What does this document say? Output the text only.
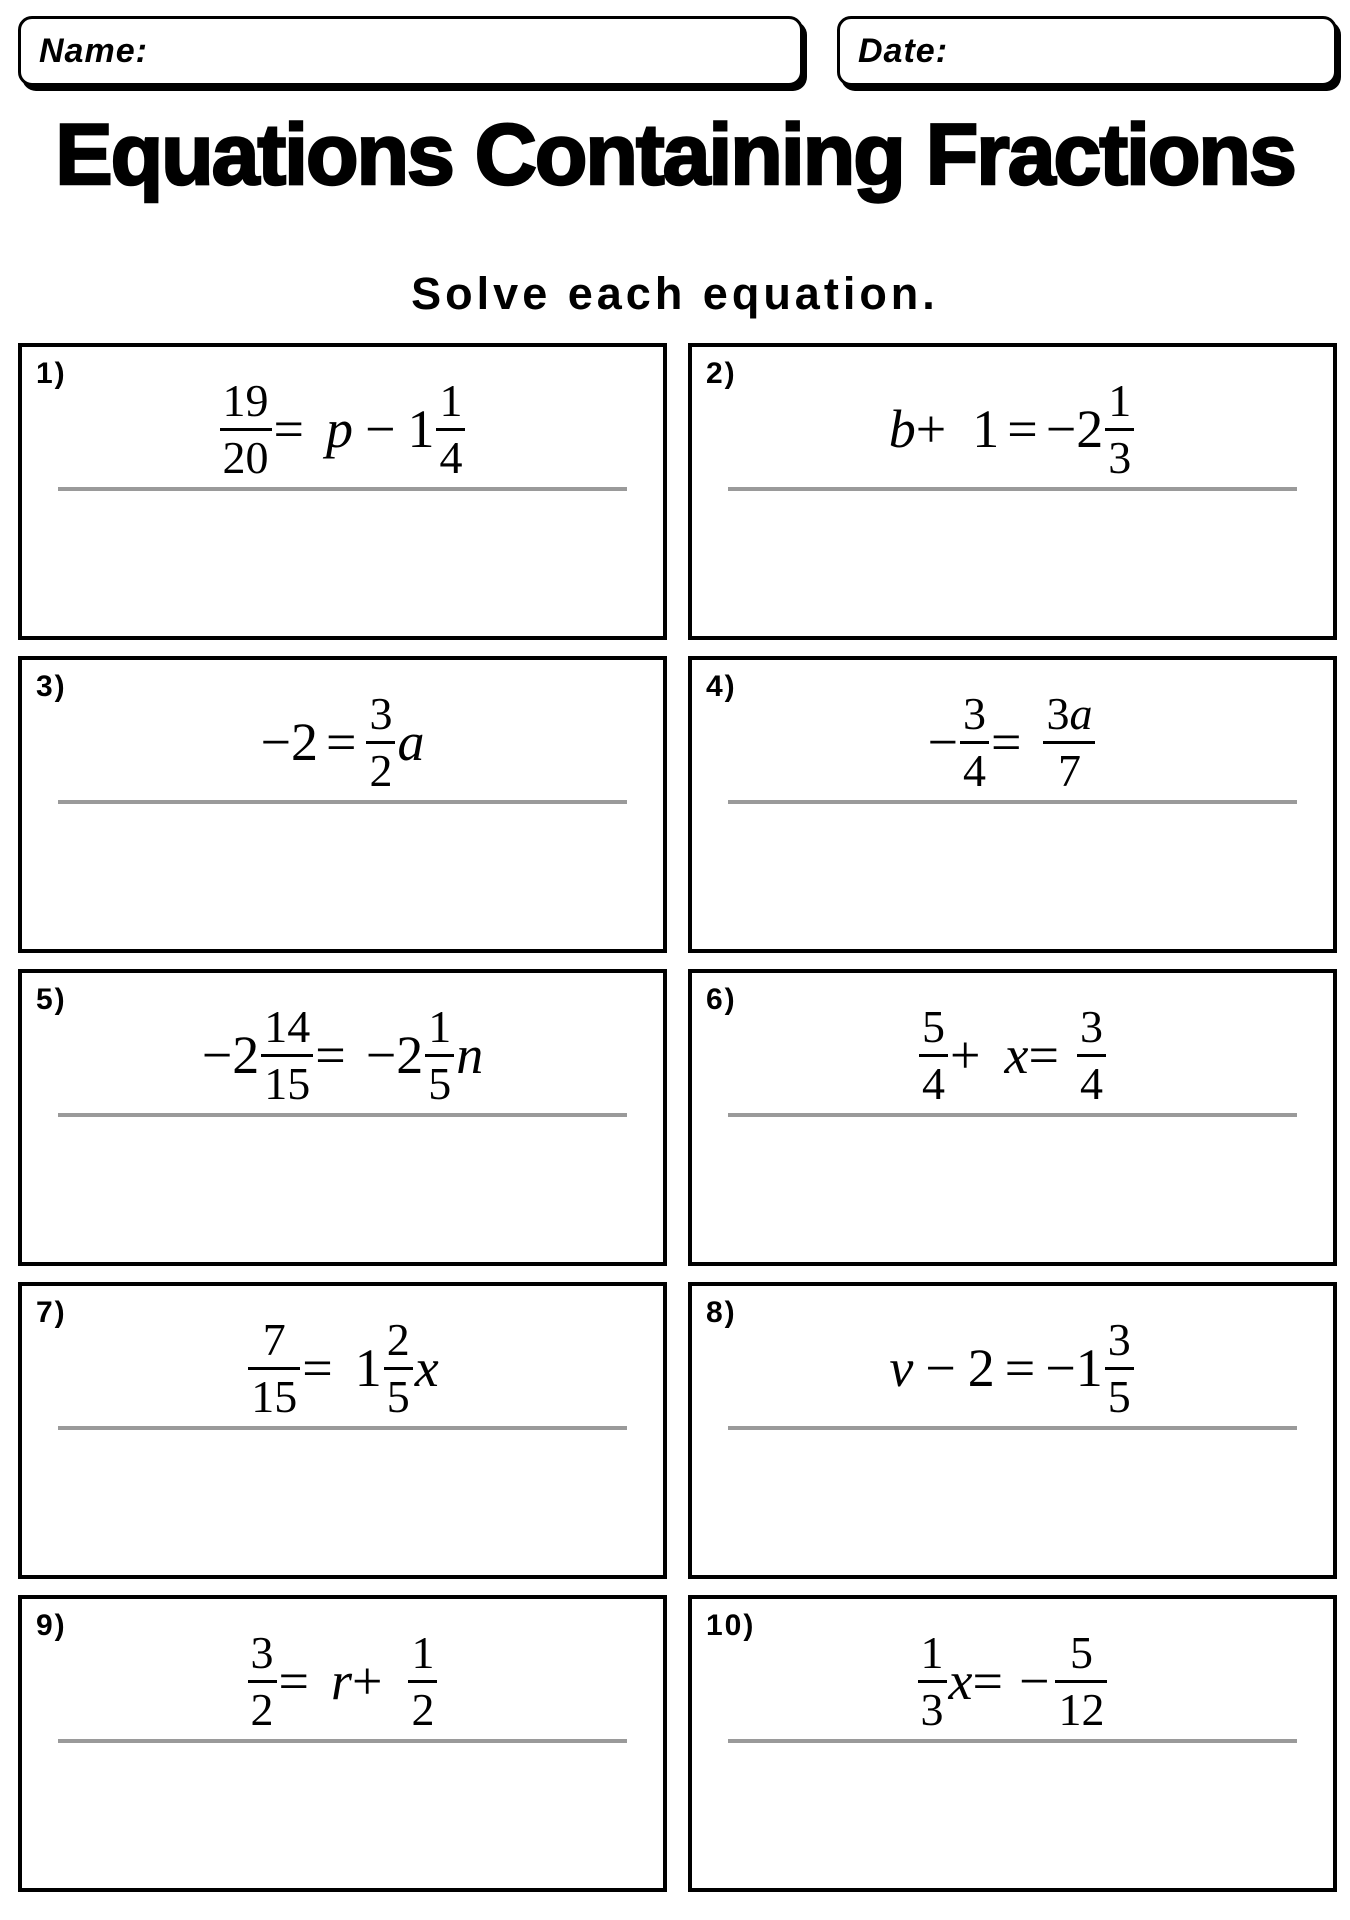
Name:	Date:
Equations Containing Fractions
Solve each equation.
1)
$\frac{19}{20} = p - 1 \frac{1}{4}$
2)
b + 1 = − $2 \frac{1}{3}$
3)
− $2 = \frac{3}{2}$ a
4)
− $\frac{3}{4} = \frac{3 a}{7}$
5)
− $2 \frac{14}{15}$ = − $2 \frac{1}{5}$ n
6)
$\frac{5}{4} + x = \frac{3}{4}$
7)
$\frac{7}{15} = 1 \frac{2}{5}$ x
8)
v − 2 = − $1 \frac{3}{5}$
9)
$\frac{3}{2} = r + \frac{1}{2}$
10)
$\frac{1}{3}$ x = − $\frac{5}{12}$
